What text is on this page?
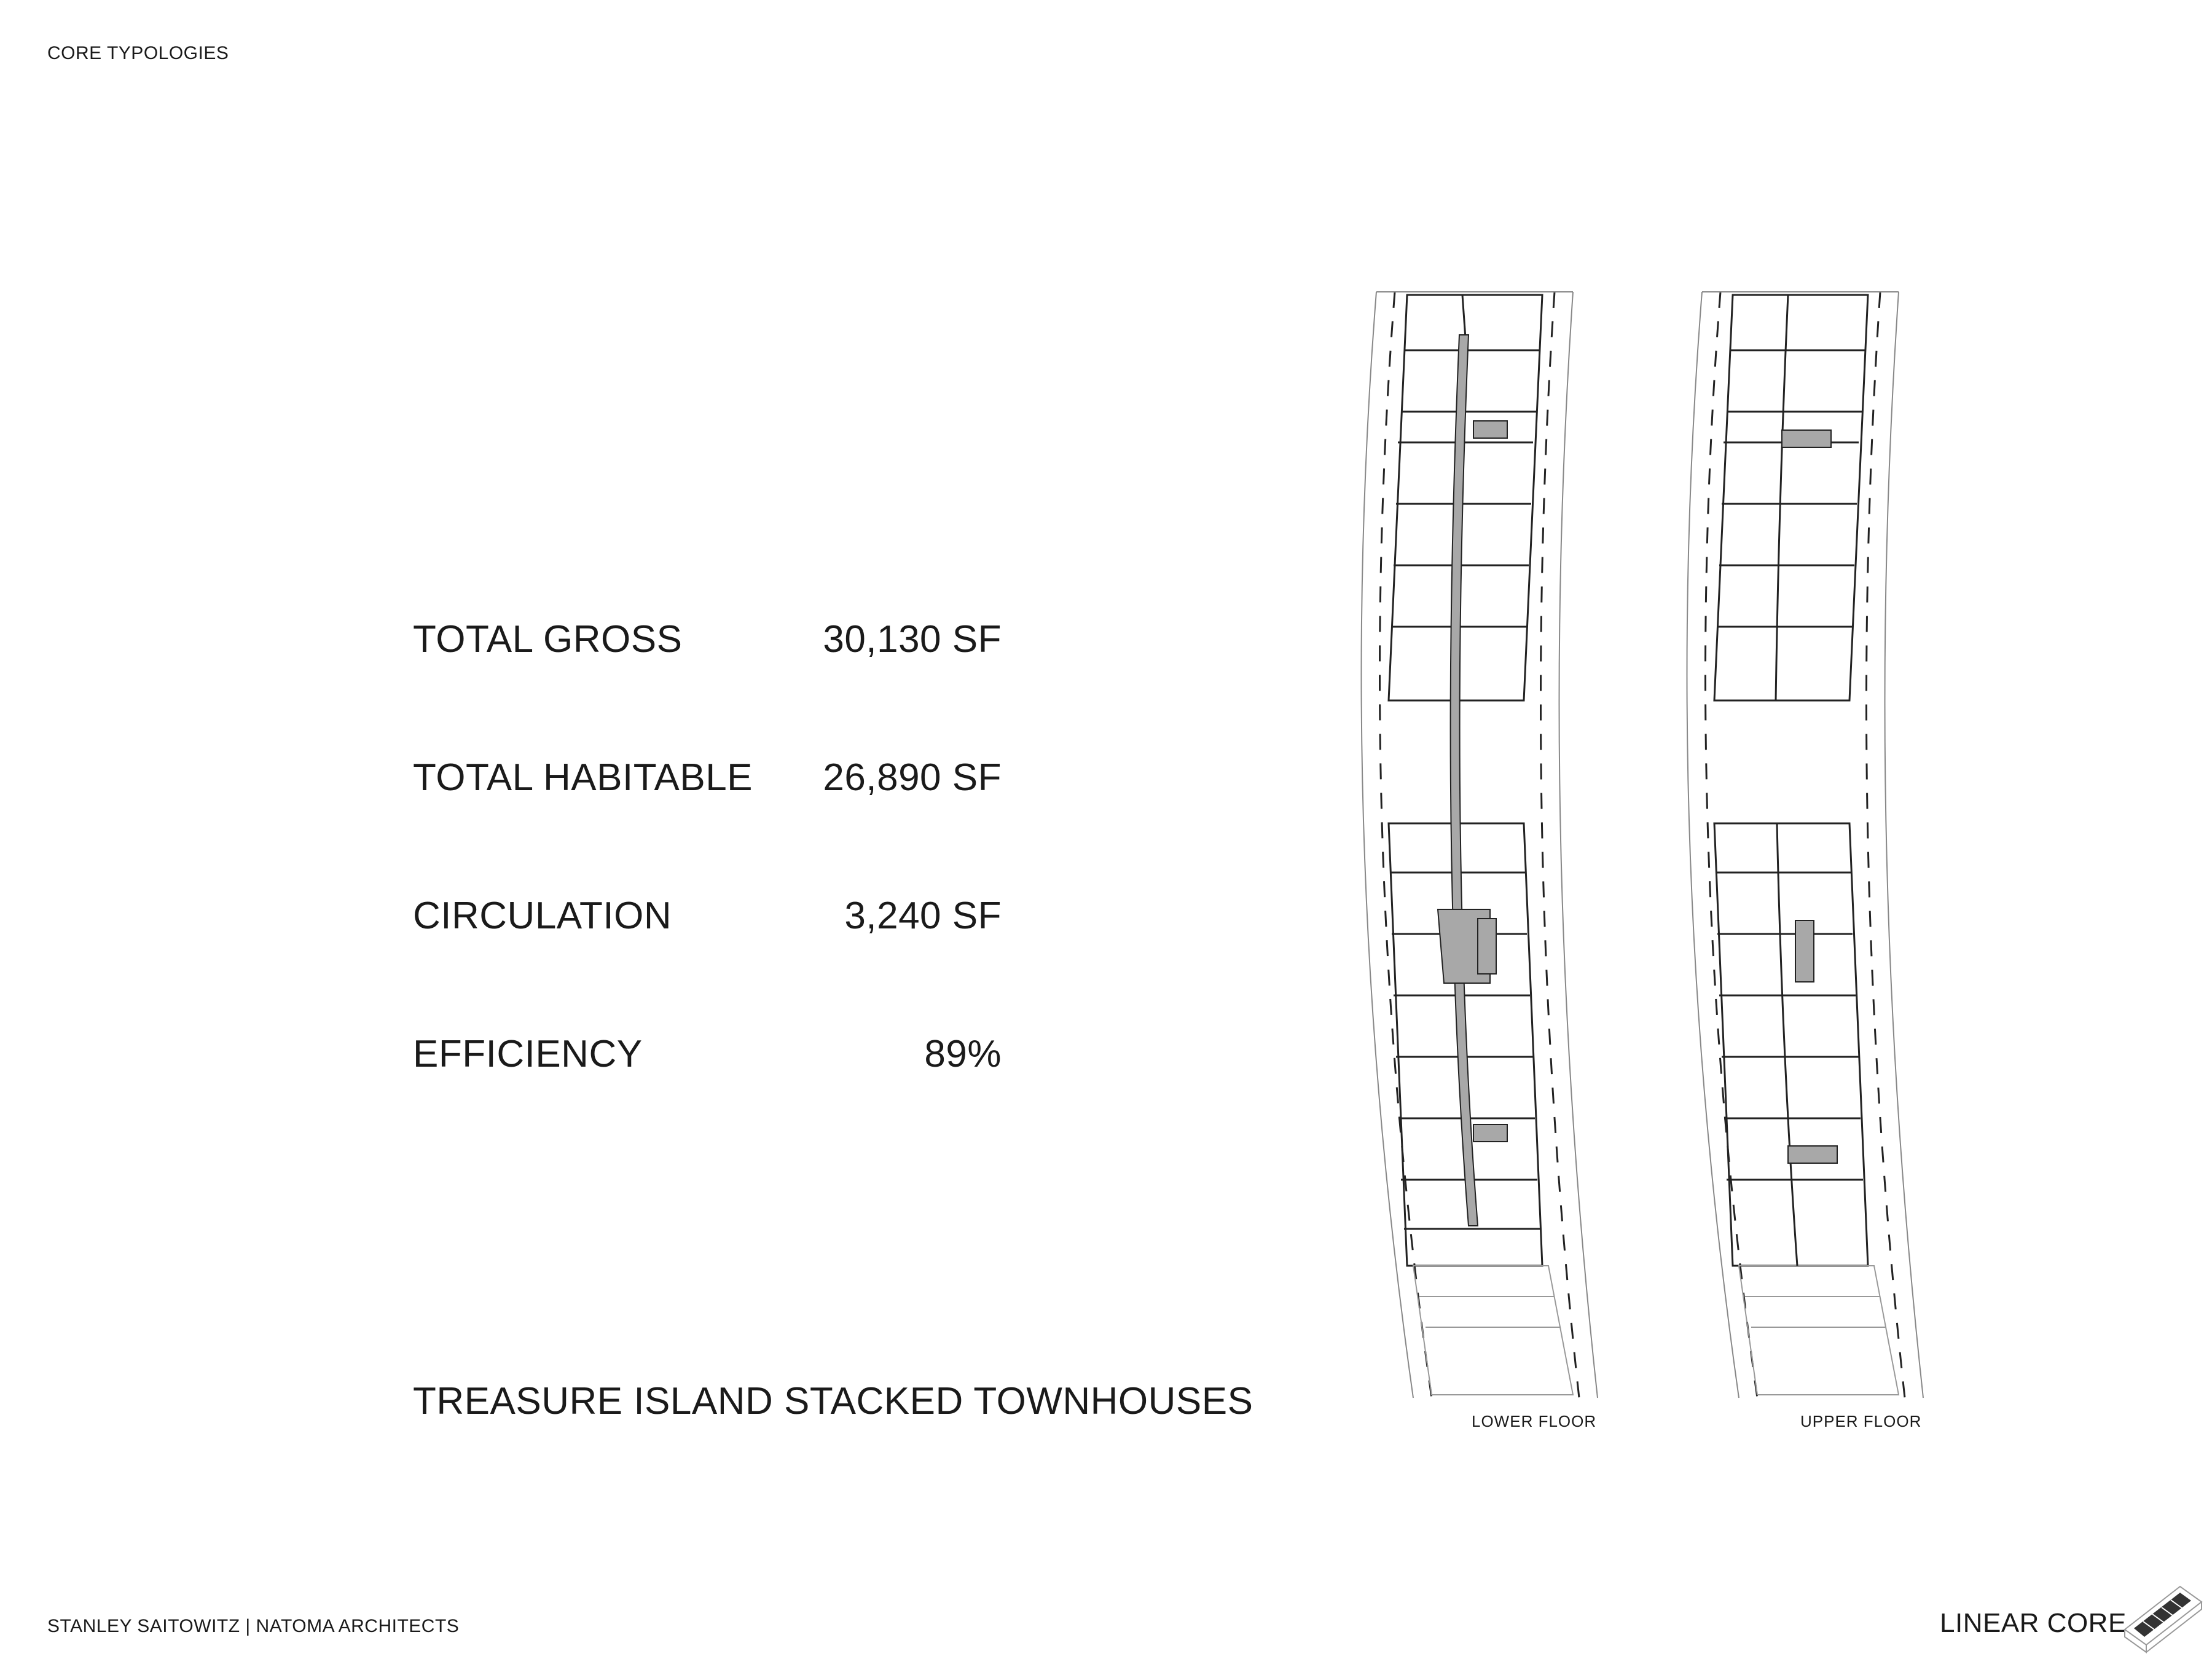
CORE TYPOLOGIES
TOTAL GROSS	30,130 SF
TOTAL HABITABLE	26,890 SF
CIRCULATION	3,240 SF
EFFICIENCY	89%
TREASURE ISLAND STACKED TOWNHOUSES	LOWER FLOOR	UPPER FLOOR
STANLEY SAITOWITZ | NATOMA ARCHITECTS	LINEAR CORE
